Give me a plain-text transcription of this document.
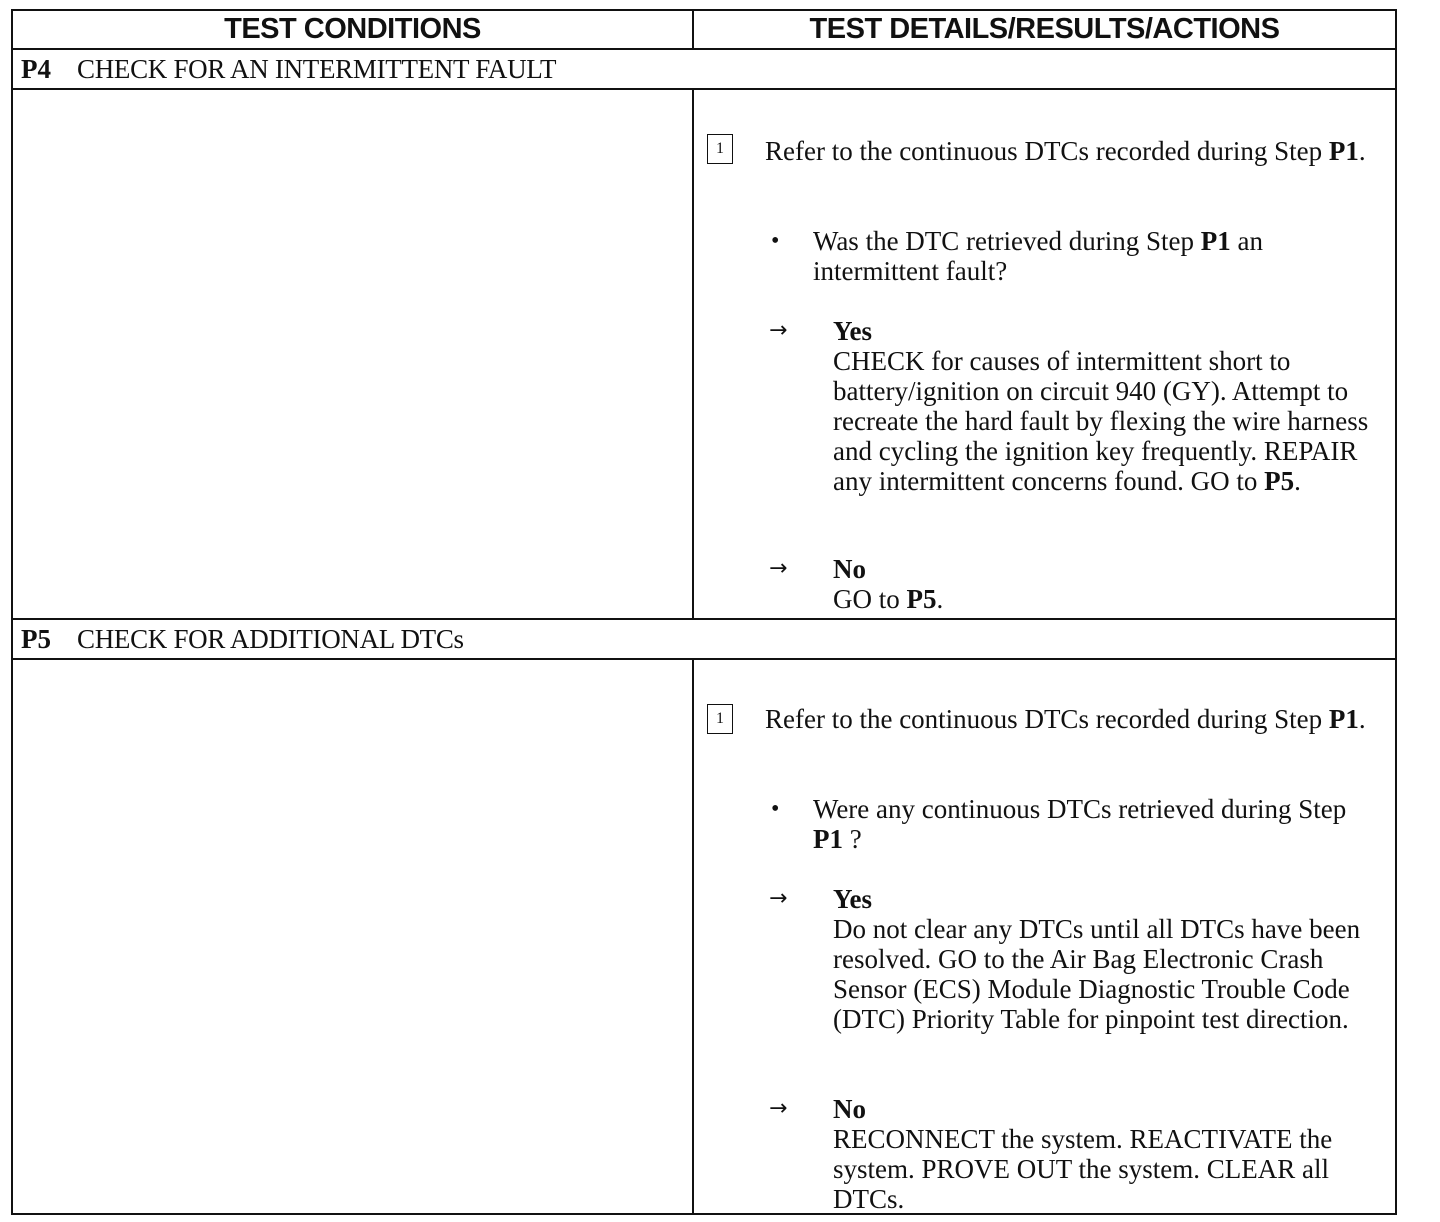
TEST CONDITIONS	TEST DETAILS/RESULTS/ACTIONS
P4 CHECK FOR AN INTERMITTENT FAULT
1	Refer to the continuous DTCs recorded during Step P1.
• Was the DTC retrieved during Step P1 an intermittent fault?
→ Yes
CHECK for causes of intermittent short to battery/ignition on circuit 940 (GY). Attempt to recreate the hard fault by flexing the wire harness and cycling the ignition key frequently. REPAIR any intermittent concerns found. GO to P5.
→ No
GO to P5.
P5 CHECK FOR ADDITIONAL DTCs
1	Refer to the continuous DTCs recorded during Step P1.
• Were any continuous DTCs retrieved during Step P1 ?
→ Yes
Do not clear any DTCs until all DTCs have been resolved. GO to the Air Bag Electronic Crash Sensor (ECS) Module Diagnostic Trouble Code (DTC) Priority Table for pinpoint test direction.
→ No
RECONNECT the system. REACTIVATE the system. PROVE OUT the system. CLEAR all DTCs.
